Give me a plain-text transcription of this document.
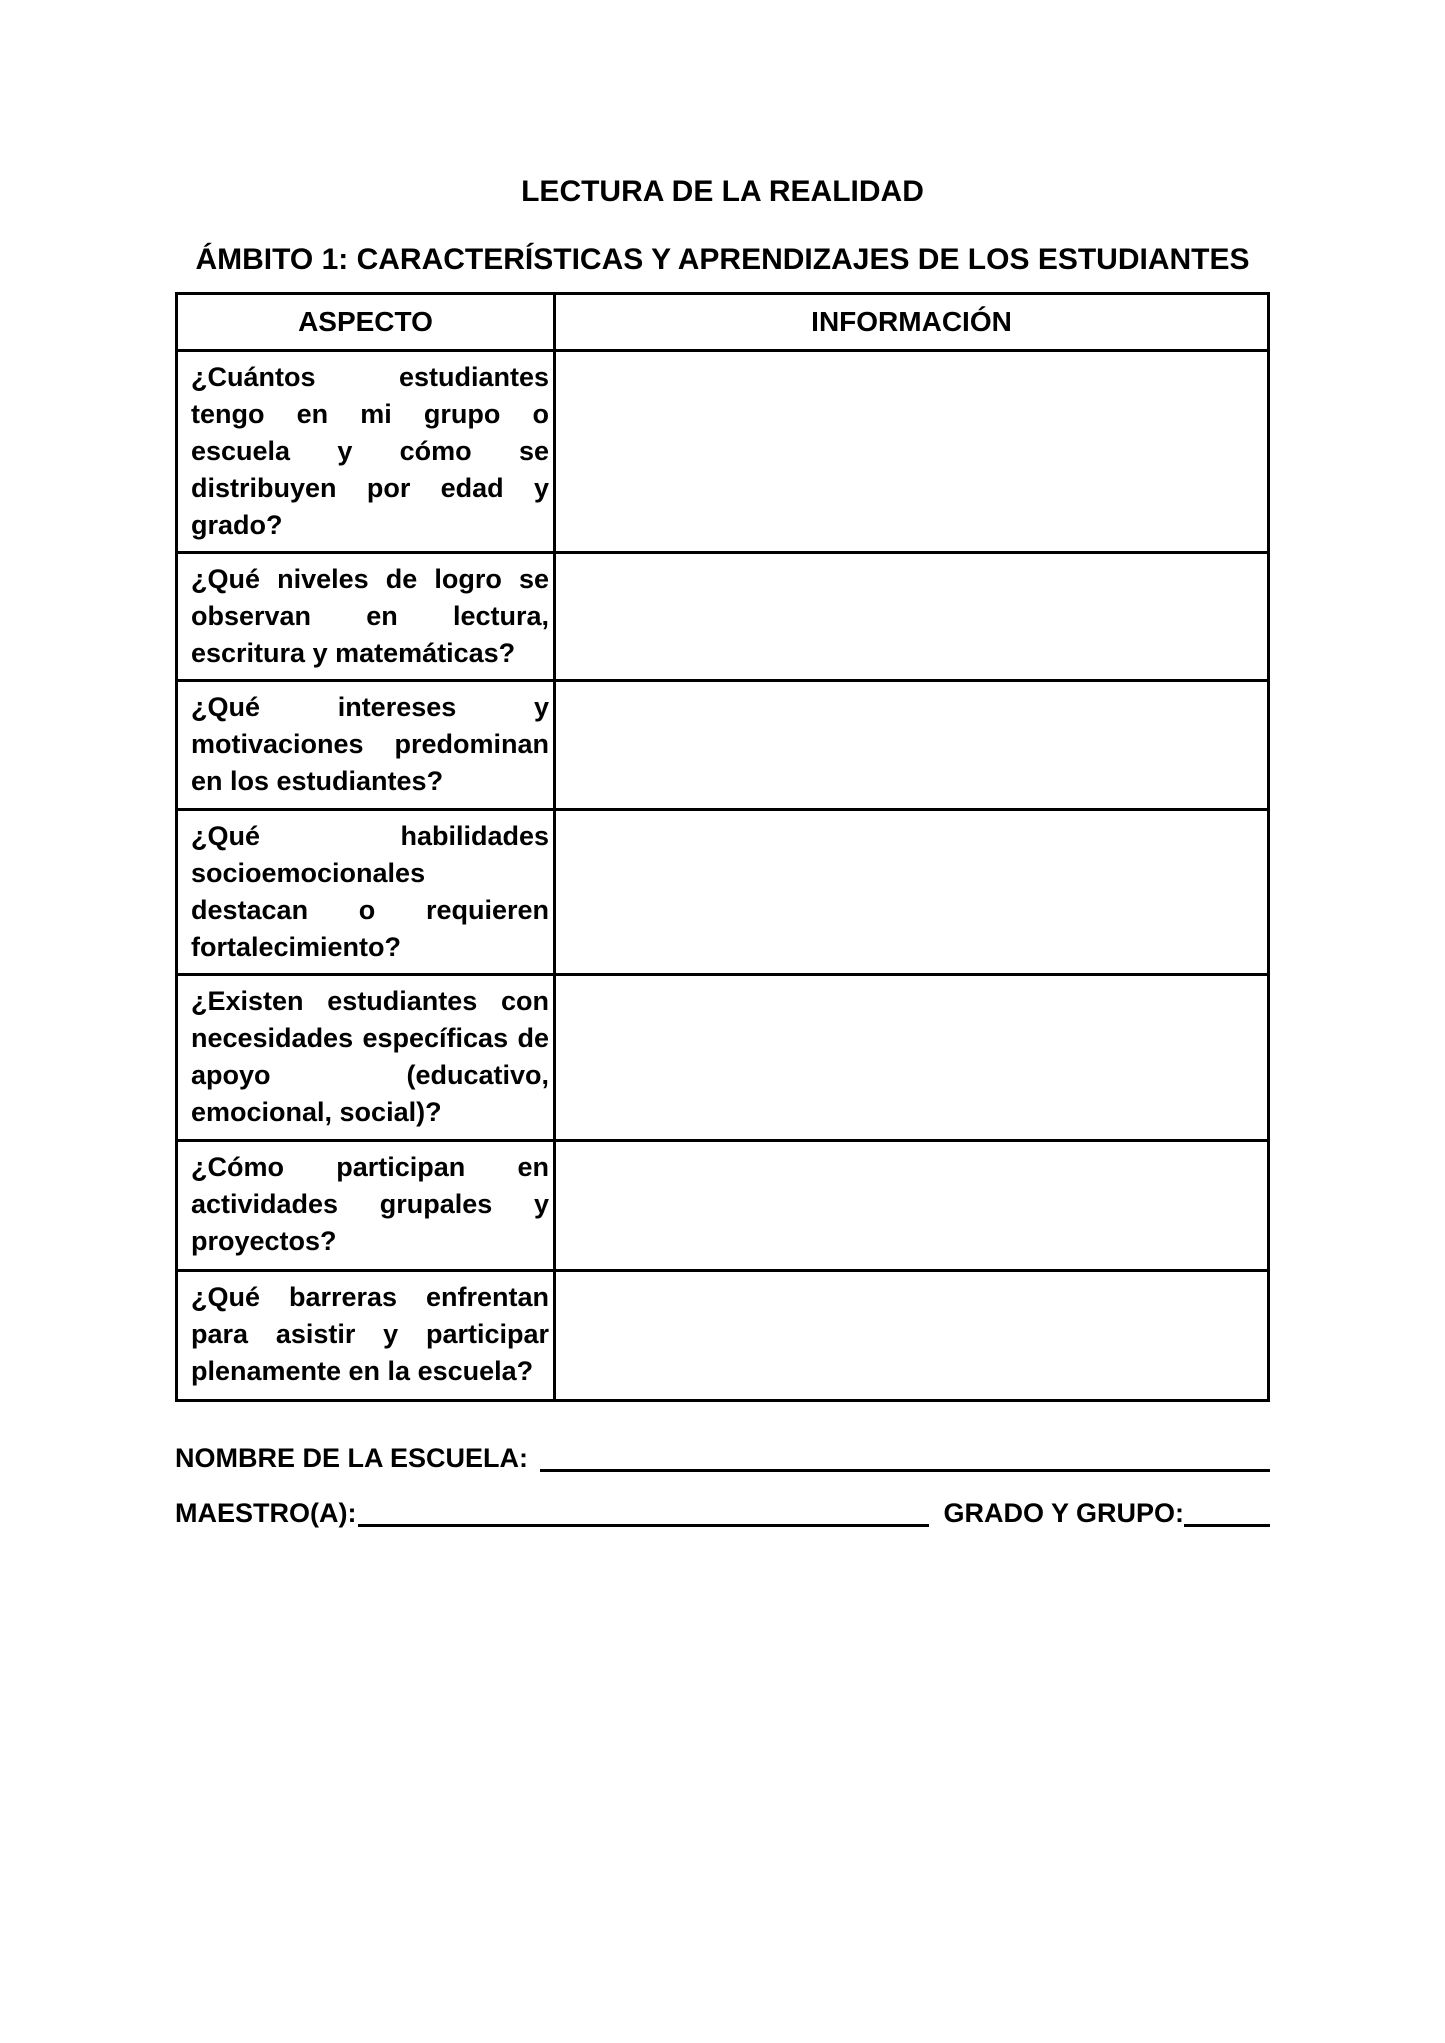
LECTURA DE LA REALIDAD
ÁMBITO 1: CARACTERÍSTICAS Y APRENDIZAJES DE LOS ESTUDIANTES
ASPECTO	INFORMACIÓN
¿Cuántos estudiantes tengo en mi grupo o escuela y cómo se distribuyen por edad y grado?	
¿Qué niveles de logro se observan en lectura, escritura y matemáticas?	
¿Qué intereses y motivaciones predominan en los estudiantes?	
¿Qué habilidades socioemocionales destacan o requieren fortalecimiento?	
¿Existen estudiantes con necesidades específicas de apoyo (educativo, emocional, social)?	
¿Cómo participan en actividades grupales y proyectos?	
¿Qué barreras enfrentan para asistir y participar plenamente en la escuela?	
NOMBRE DE LA ESCUELA:
MAESTRO(A):	GRADO Y GRUPO:
